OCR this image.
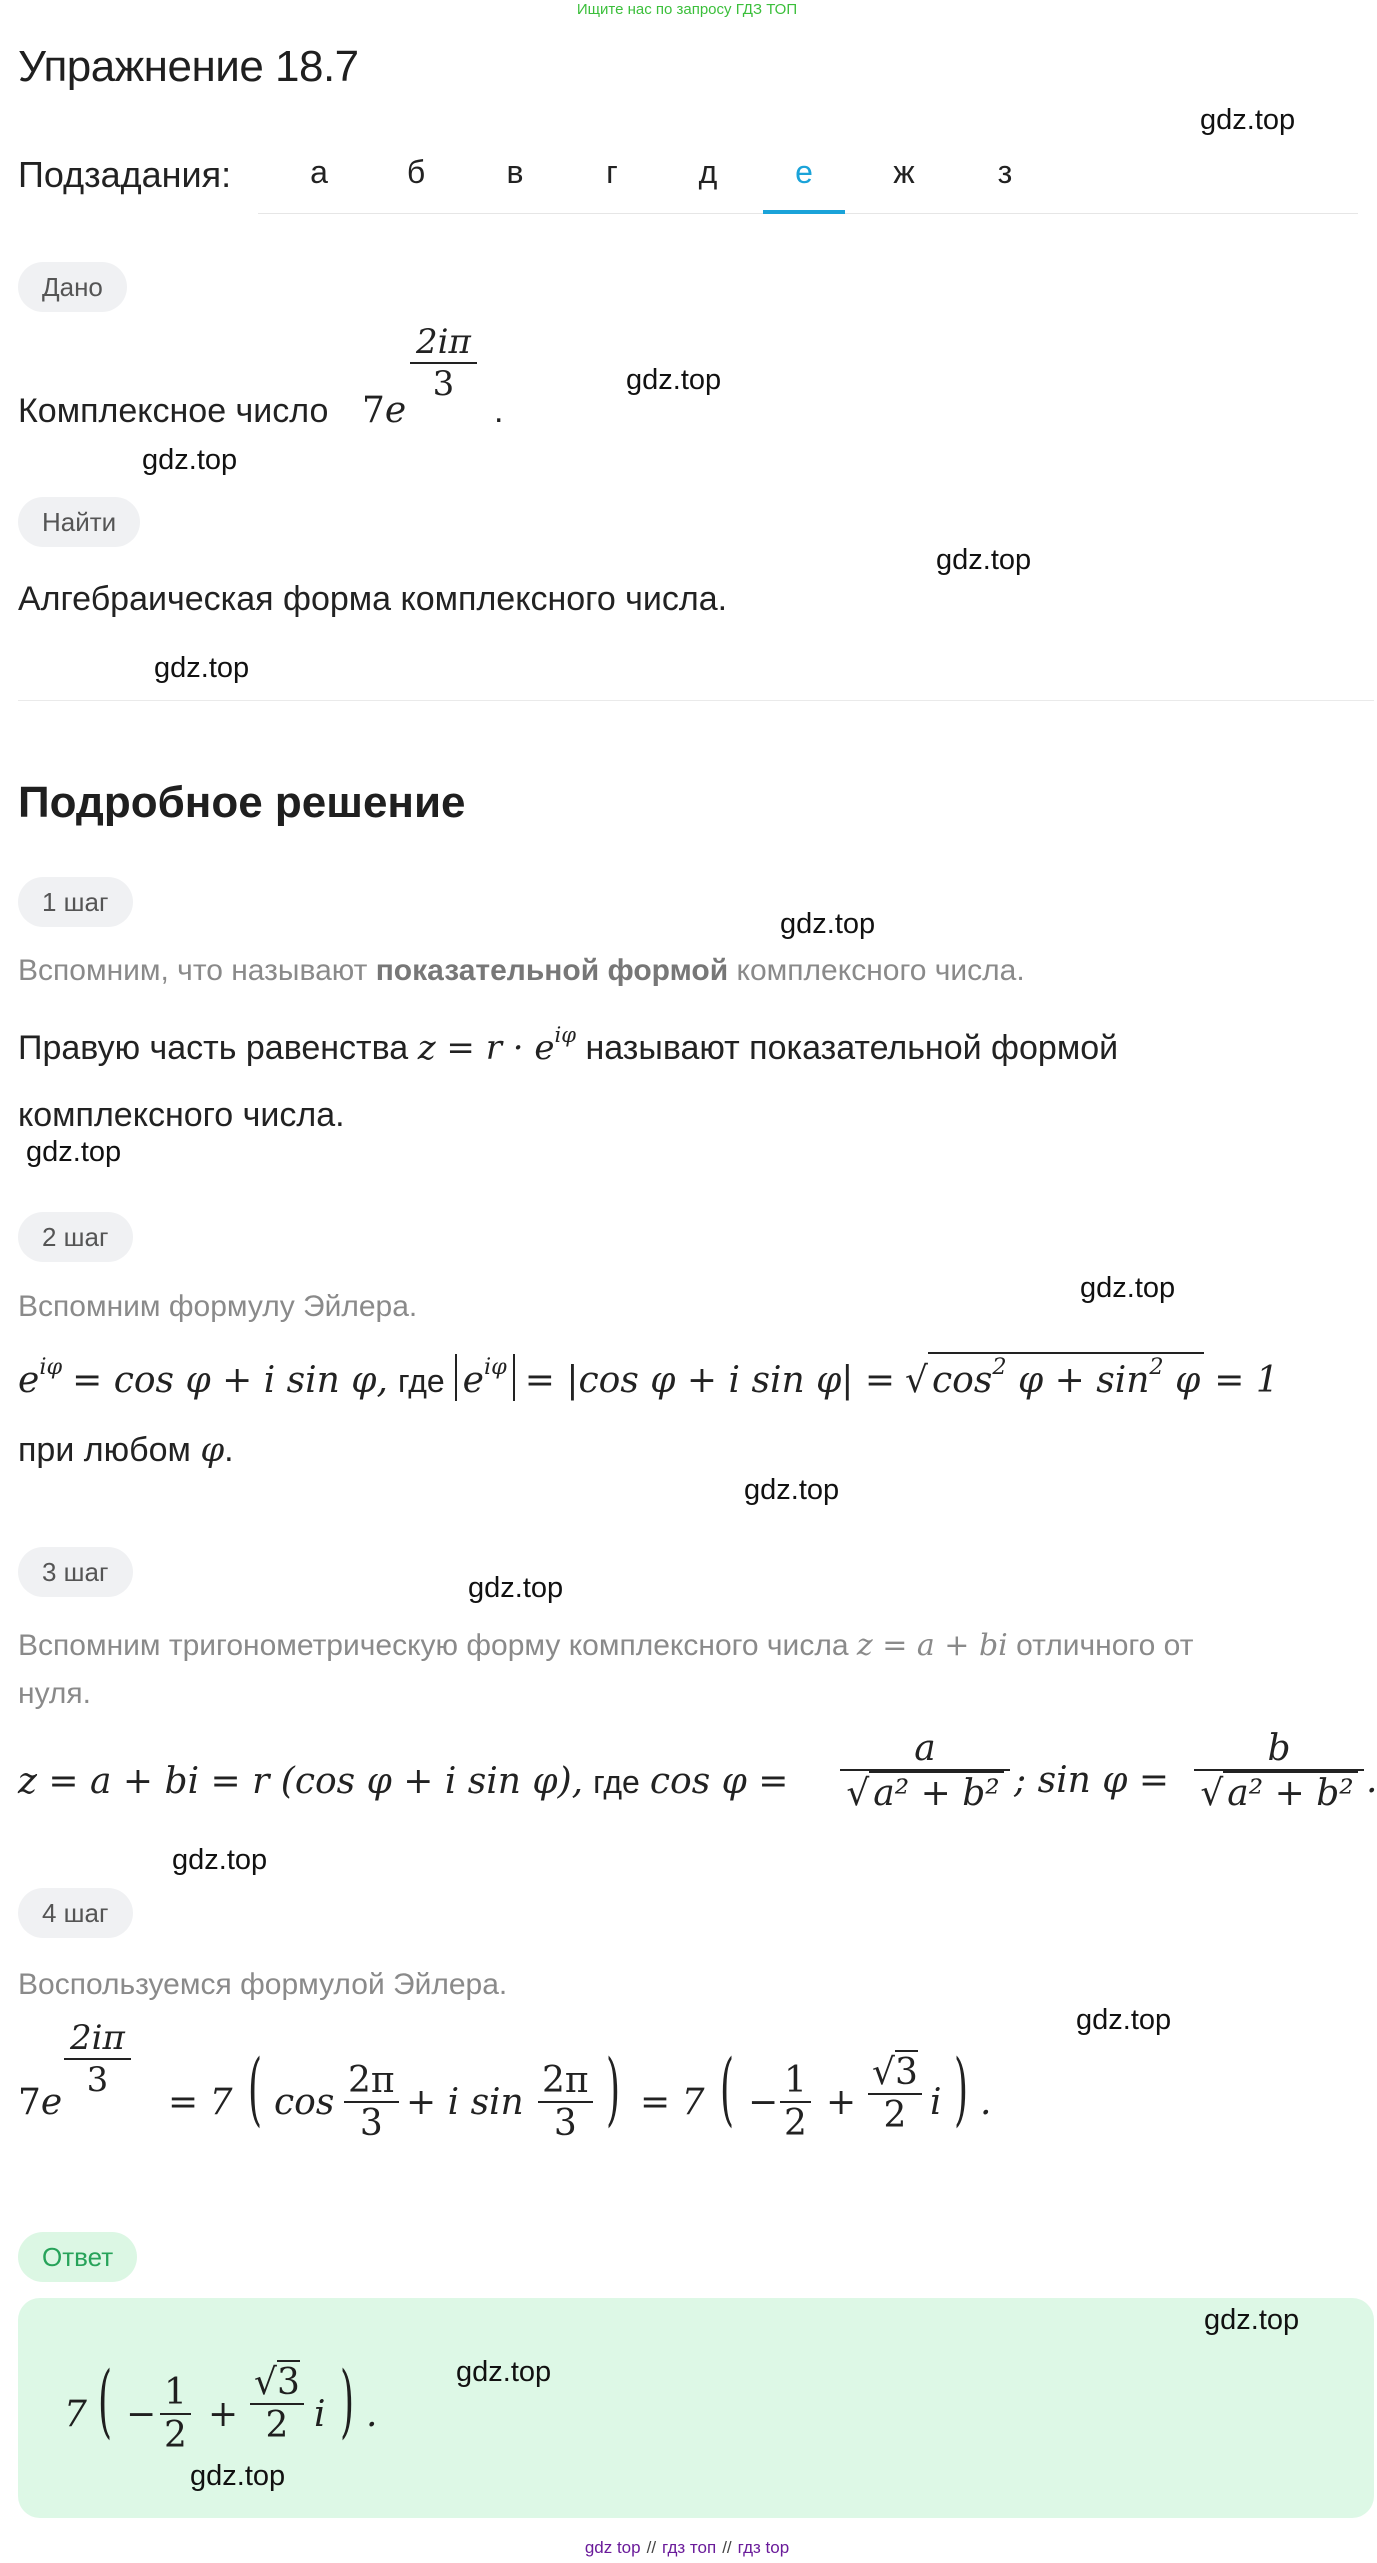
Ищите нас по запросу ГДЗ ТОП
Упражнение 18.7
Подзадания:	а	б	в	г	д	е	ж	з
Дано
Комплексное число 7e
$\frac{2i\pi}{3}$
.
Найти
Алгебраическая форма комплексного числа.
Подробное решение
1 шаг
Вспомним, что называют показательной формой комплексного числа.
Правую часть равенства $z = r \cdot e^{i\varphi}$ называют показательной формой
комплексного числа.
2 шаг
Вспомним формулу Эйлера.
$e^{i\varphi} = \cos \varphi + i$ sin φ, где $e^{i\varphi} = |\cos$ φ + i sin φ| = √ $\cos^2 \varphi + \sin^2 \varphi = 1$
при любом φ.
3 шаг
Вспомним тригонометрическую форму комплексного числа z = a + bi отличного от
нуля.
z = a + bi = r (cos φ + i sin φ), где $\cos \varphi = \frac{a}{\text{√ a² + b²}}$ ; $\sin \varphi = \frac{b}{\text{√ a² + b²}}$ .
4 шаг
Воспользуемся формулой Эйлера.
7e
$\frac{2i\pi}{3}$
= 7 ( $\cos \frac{2\pi}{3} + i$ $\sin \frac{2\pi}{3}$ ) = 7 ( − $\frac{1}{2} + \frac{√3}{2}$ i ) .
Ответ
7 ( − $\frac{1}{2} + \frac{√3}{2}$ i ) .
gdz.top
gdz.top
gdz.top
gdz.top
gdz.top
gdz.top
gdz.top
gdz.top
gdz.top
gdz.top
gdz.top
gdz.top
gdz.top
gdz.top
gdz.top
gdz top // гдз топ // гдз top
